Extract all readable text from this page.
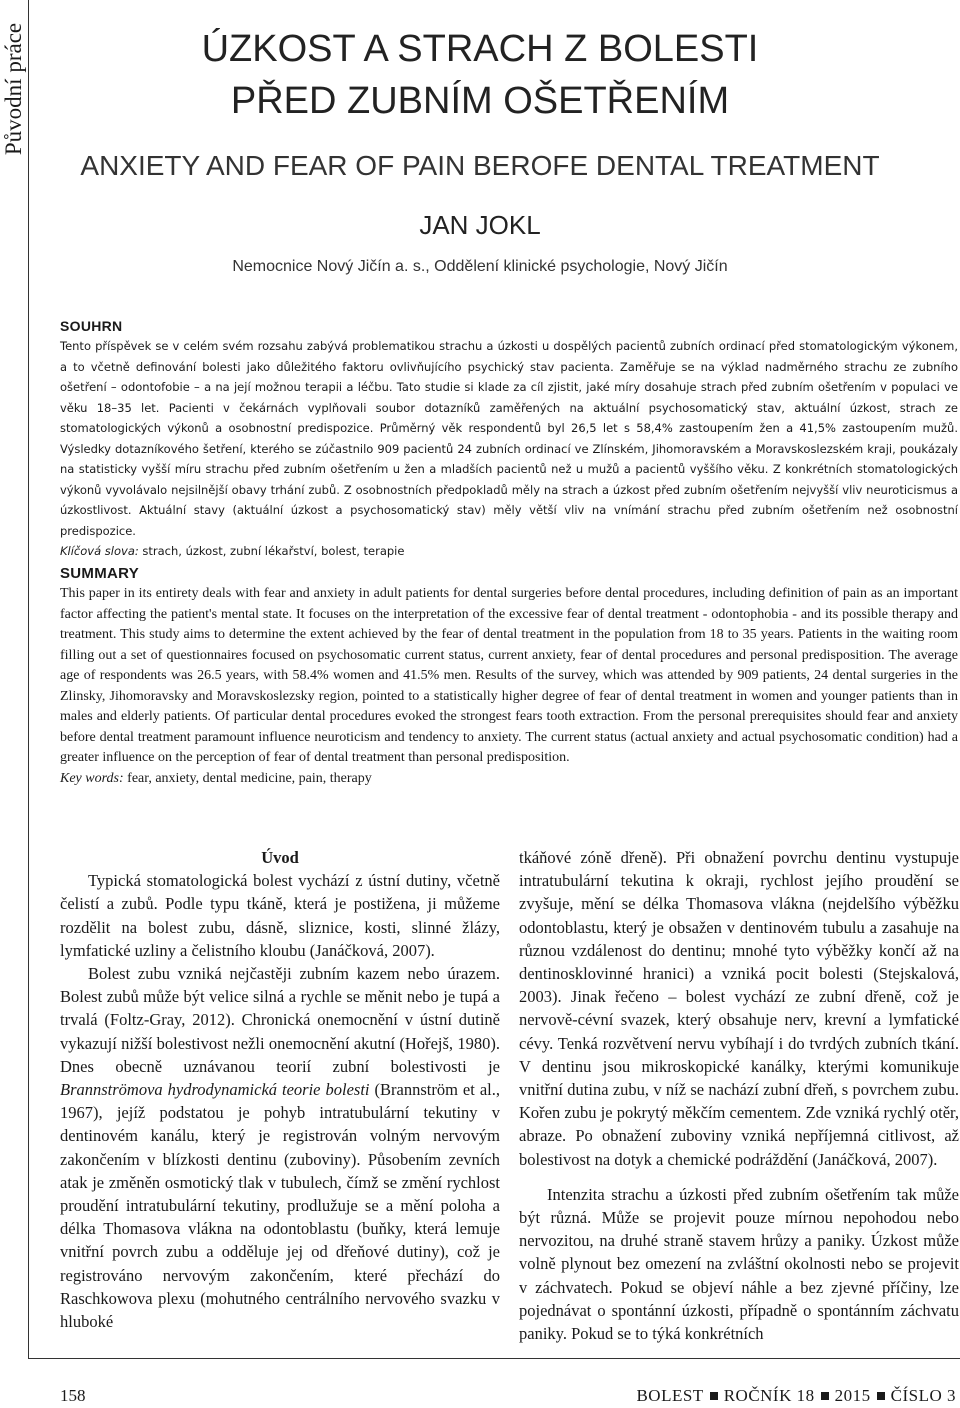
Původní práce	ÚZKOST A STRACH Z BOLESTI
PŘED ZUBNÍM OŠETŘENÍM
ANXIETY AND FEAR OF PAIN BEROFE DENTAL TREATMENT
JAN JOKL
Nemocnice Nový Jičín a. s., Oddělení klinické psychologie, Nový Jičín
SOUHRN

Tento příspěvek se v celém svém rozsahu zabývá problematikou strachu a úzkosti u dospělých pacientů zubních ordinací před stomatologickým výkonem, a to včetně definování bolesti jako důležitého faktoru ovlivňujícího psychický stav pacienta. Zaměřuje se na výklad nadměrného strachu ze zubního ošetření – odontofobie – a na její možnou terapii a léčbu. Tato studie si klade za cíl zjistit, jaké míry dosahuje strach před zubním ošetřením v populaci ve věku 18–35 let. Pacienti v čekárnách vyplňovali soubor dotazníků zaměřených na aktuální psychosomatický stav, aktuální úzkost, strach ze stomatologických výkonů a osobnostní predispozice. Průměrný věk respondentů byl 26,5 let s 58,4% zastoupením žen a 41,5% zastoupením mužů. Výsledky dotazníkového šetření, kterého se zúčastnilo 909 pacientů 24 zubních ordinací ve Zlínském, Jihomoravském a Moravskoslezském kraji, poukázaly na statisticky vyšší míru strachu před zubním ošetřením u žen a mladších pacientů než u mužů a pacientů vyššího věku. Z konkrétních stomatologických výkonů vyvolávalo nejsilnější obavy trhání zubů. Z osobnostních předpokladů měly na strach a úzkost před zubním ošetřením nejvyšší vliv neuroticismus a úzkostlivost. Aktuální stavy (aktuální úzkost a psychosomatický stav) měly větší vliv na vnímání strachu před zubním ošetřením než osobnostní predispozice.

Klíčová slova: strach, úzkost, zubní lékařství, bolest, terapie
SUMMARY

This paper in its entirety deals with fear and anxiety in adult patients for dental surgeries before dental procedures, including definition of pain as an important factor affecting the patient's mental state. It focuses on the interpretation of the excessive fear of dental treatment - odontophobia - and its possible therapy and treatment. This study aims to determine the extent achieved by the fear of dental treatment in the population from 18 to 35 years. Patients in the waiting room filling out a set of questionnaires focused on psychosomatic current status, current anxiety, fear of dental procedures and personal predisposition. The average age of respondents was 26.5 years, with 58.4% women and 41.5% men. Results of the survey, which was attended by 909 patients, 24 dental surgeries in the Zlinsky, Jihomoravsky and Moravskoslezsky region, pointed to a statistically higher degree of fear of dental treatment in women and younger patients than in males and elderly patients. Of particular dental procedures evoked the strongest fears tooth extraction. From the personal prerequisites should fear and anxiety before dental treatment paramount influence neuroticism and tendency to anxiety. The current status (actual anxiety and actual psychosomatic condition) had a greater influence on the perception of fear of dental treatment than personal predisposition.

Key words: fear, anxiety, dental medicine, pain, therapy
Úvod

Typická stomatologická bolest vychází z ústní dutiny, včetně čelistí a zubů. Podle typu tkáně, která je postižena, ji můžeme rozdělit na bolest zubu, dásně, sliznice, kosti, slinné žlázy, lymfatické uzliny a čelistního kloubu (Janáčková, 2007).

Bolest zubu vzniká nejčastěji zubním kazem nebo úrazem. Bolest zubů může být velice silná a rychle se měnit nebo je tupá a trvalá (Foltz-Gray, 2012). Chronická onemocnění v ústní dutině vykazují nižší bolestivost nežli onemocnění akutní (Hořejš, 1980). Dnes obecně uznávanou teorií zubní bolestivosti je Brannströmova hydrodynamická teorie bolesti (Brannström et al., 1967), jejíž podstatou je pohyb intratubulární tekutiny v dentinovém kanálu, který je registrován volným nervovým zakončením v blízkosti dentinu (zuboviny). Působením zevních atak je změněn osmotický tlak v tubulech, čímž se změní rychlost proudění intratubulární tekutiny, prodlužuje se a mění poloha a délka Thomasova vlákna na odontoblastu (buňky, která lemuje vnitřní povrch zubu a odděluje jej od dřeňové dutiny), což je registrováno nervovým zakončením, které přechází do Raschkowova plexu (mohutného centrálního nervového svazku v hluboké

tkáňové zóně dřeně). Při obnažení povrchu dentinu vystupuje intratubulární tekutina k okraji, rychlost jejího proudění se zvyšuje, mění se délka Thomasova vlákna (nejdelšího výběžku odontoblastu, který je obsažen v dentinovém tubulu a zasahuje na různou vzdálenost do dentinu; mnohé tyto výběžky končí až na dentinosklovinné hranici) a vzniká pocit bolesti (Stejskalová, 2003). Jinak řečeno – bolest vychází ze zubní dřeně, což je nervově-cévní svazek, který obsahuje nerv, krevní a lymfatické cévy. Tenká rozvětvení nervu vybíhají i do tvrdých zubních tkání. V dentinu jsou mikroskopické kanálky, kterými komunikuje vnitřní dutina zubu, v níž se nachází zubní dřeň, s povrchem zubu. Kořen zubu je pokrytý měkčím cementem. Zde vzniká rychlý otěr, abraze. Po obnažení zuboviny vzniká nepříjemná citlivost, až bolestivost na dotyk a chemické podráždění (Janáčková, 2007).

Intenzita strachu a úzkosti před zubním ošetřením tak může být různá. Může se projevit pouze mírnou nepohodou nebo nervozitou, na druhé straně stavem hrůzy a paniky. Úzkost může volně plynout bez omezení na zvláštní okolnosti nebo se projevit v záchvatech. Pokud se objeví náhle a bez zjevné příčiny, lze pojednávat o spontánní úzkosti, případně o spontánním záchvatu paniky. Pokud se to týká konkrétních

158	BOLEST ROČNÍK 18 2015 ČÍSLO 3
